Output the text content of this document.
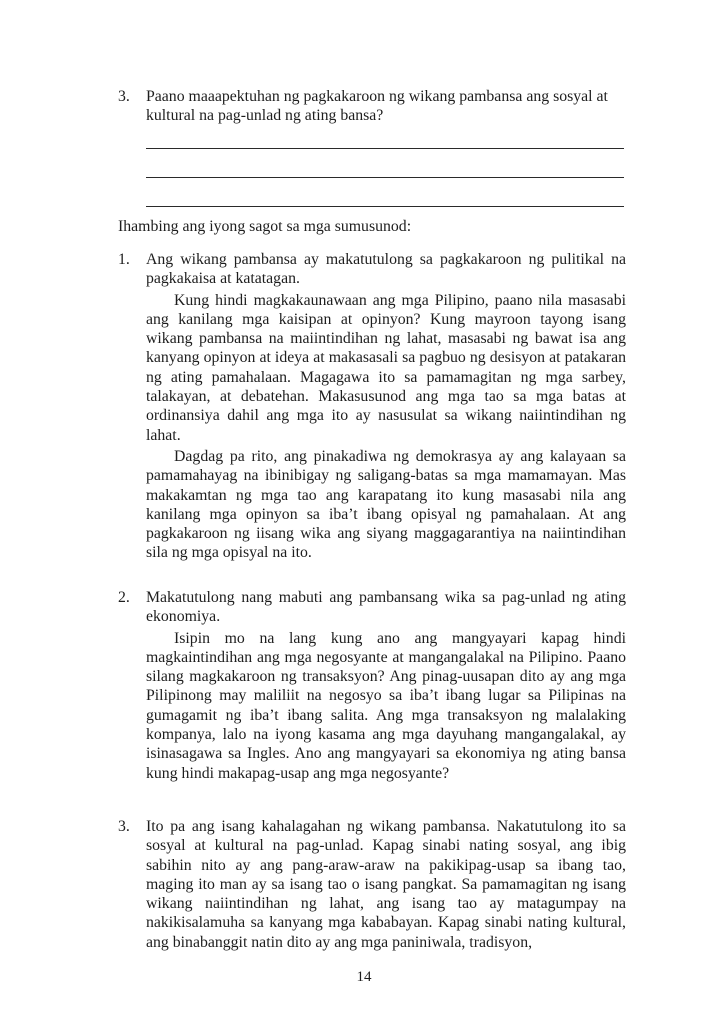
3. Paano maaapektuhan ng pagkakaroon ng wikang pambansa ang sosyal at kultural na pag-unlad ng ating bansa?
Ihambing ang iyong sagot sa mga sumusunod:
1. Ang wikang pambansa ay makatutulong sa pagkakaroon ng pulitikal na pagkakaisa at katatagan.

Kung hindi magkakaunawaan ang mga Pilipino, paano nila masasabi ang kanilang mga kaisipan at opinyon? Kung mayroon tayong isang wikang pambansa na maiintindihan ng lahat, masasabi ng bawat isa ang kanyang opinyon at ideya at makasasali sa pagbuo ng desisyon at patakaran ng ating pamahalaan. Magagawa ito sa pamamagitan ng mga sarbey, talakayan, at debatehan. Makasusunod ang mga tao sa mga batas at ordinansiya dahil ang mga ito ay nasusulat sa wikang naiintindihan ng lahat.

Dagdag pa rito, ang pinakadiwa ng demokrasya ay ang kalayaan sa pamamahayag na ibinibigay ng saligang-batas sa mga mamamayan. Mas makakamtan ng mga tao ang karapatang ito kung masasabi nila ang kanilang mga opinyon sa iba’t ibang opisyal ng pamahalaan. At ang pagkakaroon ng iisang wika ang siyang maggagarantiya na naiintindihan sila ng mga opisyal na ito.

2. Makatutulong nang mabuti ang pambansang wika sa pag-unlad ng ating ekonomiya.

Isipin mo na lang kung ano ang mangyayari kapag hindi magkaintindihan ang mga negosyante at mangangalakal na Pilipino. Paano silang magkakaroon ng transaksyon? Ang pinag-uusapan dito ay ang mga Pilipinong may maliliit na negosyo sa iba’t ibang lugar sa Pilipinas na gumagamit ng iba’t ibang salita. Ang mga transaksyon ng malalaking kompanya, lalo na iyong kasama ang mga dayuhang mangangalakal, ay isinasagawa sa Ingles. Ano ang mangyayari sa ekonomiya ng ating bansa kung hindi makapag-usap ang mga negosyante?

3. Ito pa ang isang kahalagahan ng wikang pambansa. Nakatutulong ito sa sosyal at kultural na pag-unlad. Kapag sinabi nating sosyal, ang ibig sabihin nito ay ang pang-araw-araw na pakikipag-usap sa ibang tao, maging ito man ay sa isang tao o isang pangkat. Sa pamamagitan ng isang wikang naiintindihan ng lahat, ang isang tao ay matagumpay na nakikisalamuha sa kanyang mga kababayan. Kapag sinabi nating kultural, ang binabanggit natin dito ay ang mga paniniwala, tradisyon,

14
